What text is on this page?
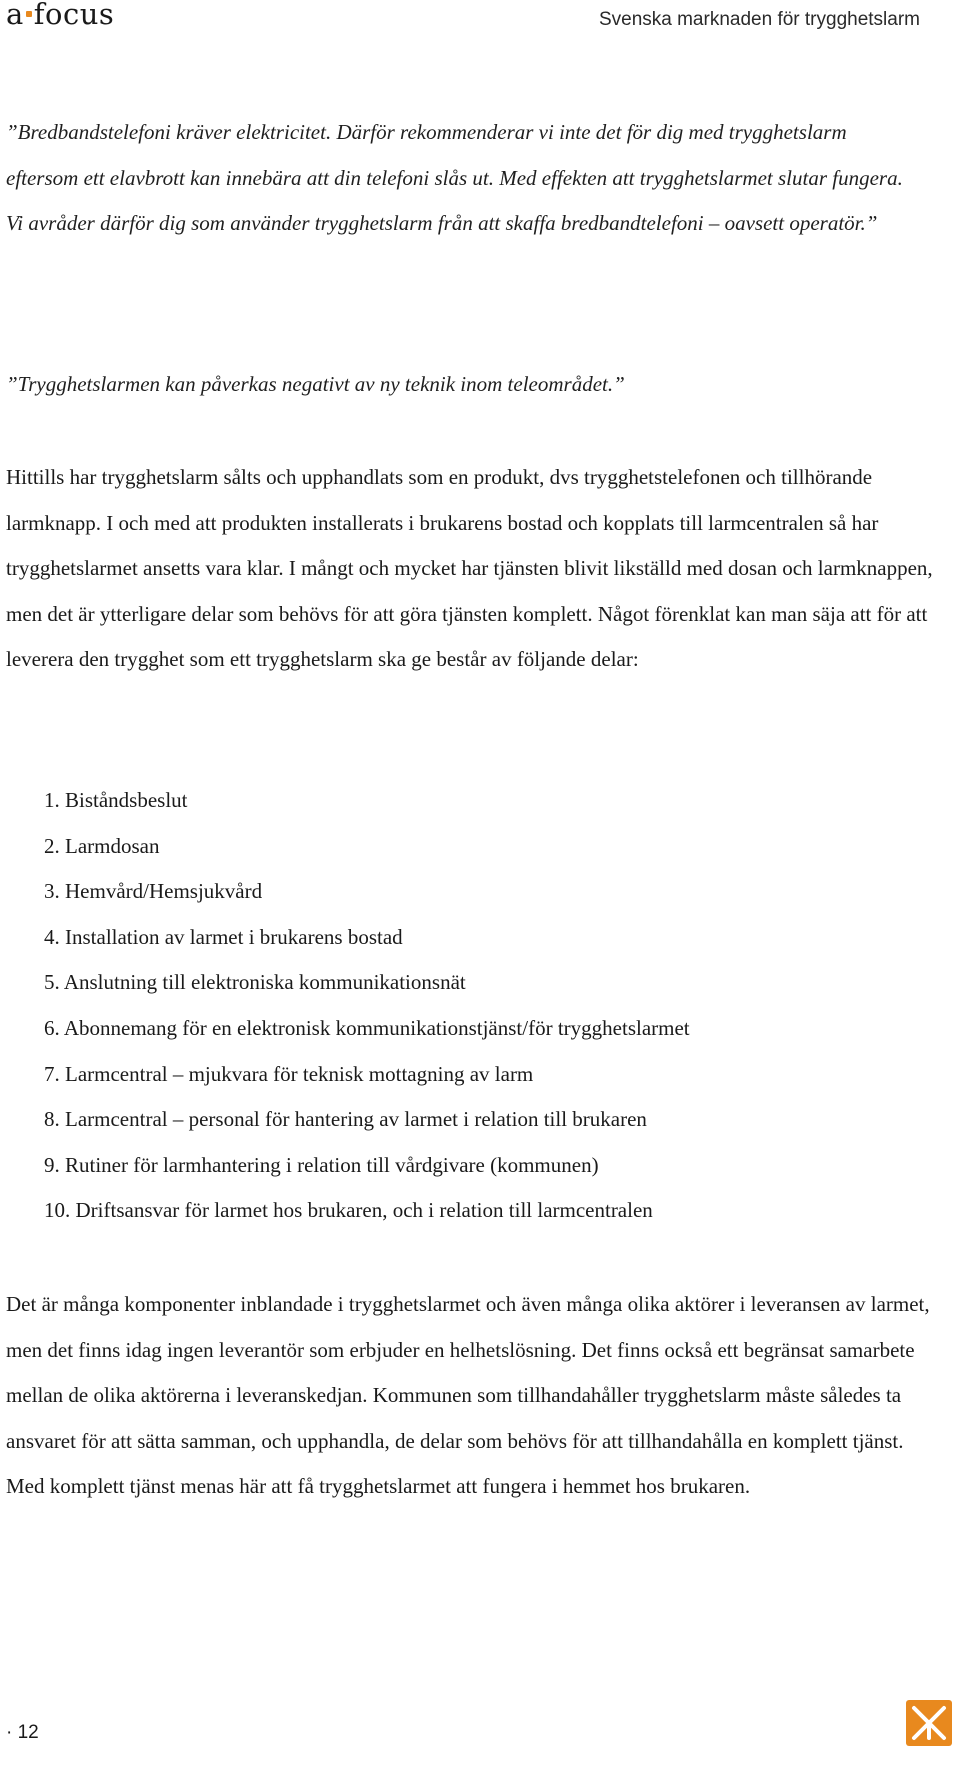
a focus	Svenska marknaden för trygghetslarm

”Bredbandstelefoni kräver elektricitet. Därför rekommenderar vi inte det för dig med trygghetslarm eftersom ett elavbrott kan innebära att din telefoni slås ut. Med effekten att trygghetslarmet slutar fungera. Vi avråder därför dig som använder trygghetslarm från att skaffa bredbandtelefoni – oavsett operatör.”

”Trygghetslarmen kan påverkas negativt av ny teknik inom teleområdet.”

Hittills har trygghetslarm sålts och upphandlats som en produkt, dvs trygghetstelefonen och tillhörande larmknapp. I och med att produkten installerats i brukarens bostad och kopplats till larmcentralen så har trygghetslarmet ansetts vara klar. I mångt och mycket har tjänsten blivit likställd med dosan och larmknappen, men det är ytterligare delar som behövs för att göra tjänsten komplett. Något förenklat kan man säja att för att leverera den trygghet som ett trygghetslarm ska ge består av följande delar:

1. Biståndsbeslut
2. Larmdosan
3. Hemvård/Hemsjukvård
4. Installation av larmet i brukarens bostad
5. Anslutning till elektroniska kommunikationsnät
6. Abonnemang för en elektronisk kommunikationstjänst/för trygghetslarmet
7. Larmcentral – mjukvara för teknisk mottagning av larm
8. Larmcentral – personal för hantering av larmet i relation till brukaren
9. Rutiner för larmhantering i relation till vårdgivare (kommunen)
10. Driftsansvar för larmet hos brukaren, och i relation till larmcentralen

Det är många komponenter inblandade i trygghetslarmet och även många olika aktörer i leveransen av larmet, men det finns idag ingen leverantör som erbjuder en helhetslösning. Det finns också ett begränsat samarbete mellan de olika aktörerna i leveranskedjan. Kommunen som tillhandahåller trygghetslarm måste således ta ansvaret för att sätta samman, och upphandla, de delar som behövs för att tillhandahålla en komplett tjänst. Med komplett tjänst menas här att få trygghetslarmet att fungera i hemmet hos brukaren.

· 12
